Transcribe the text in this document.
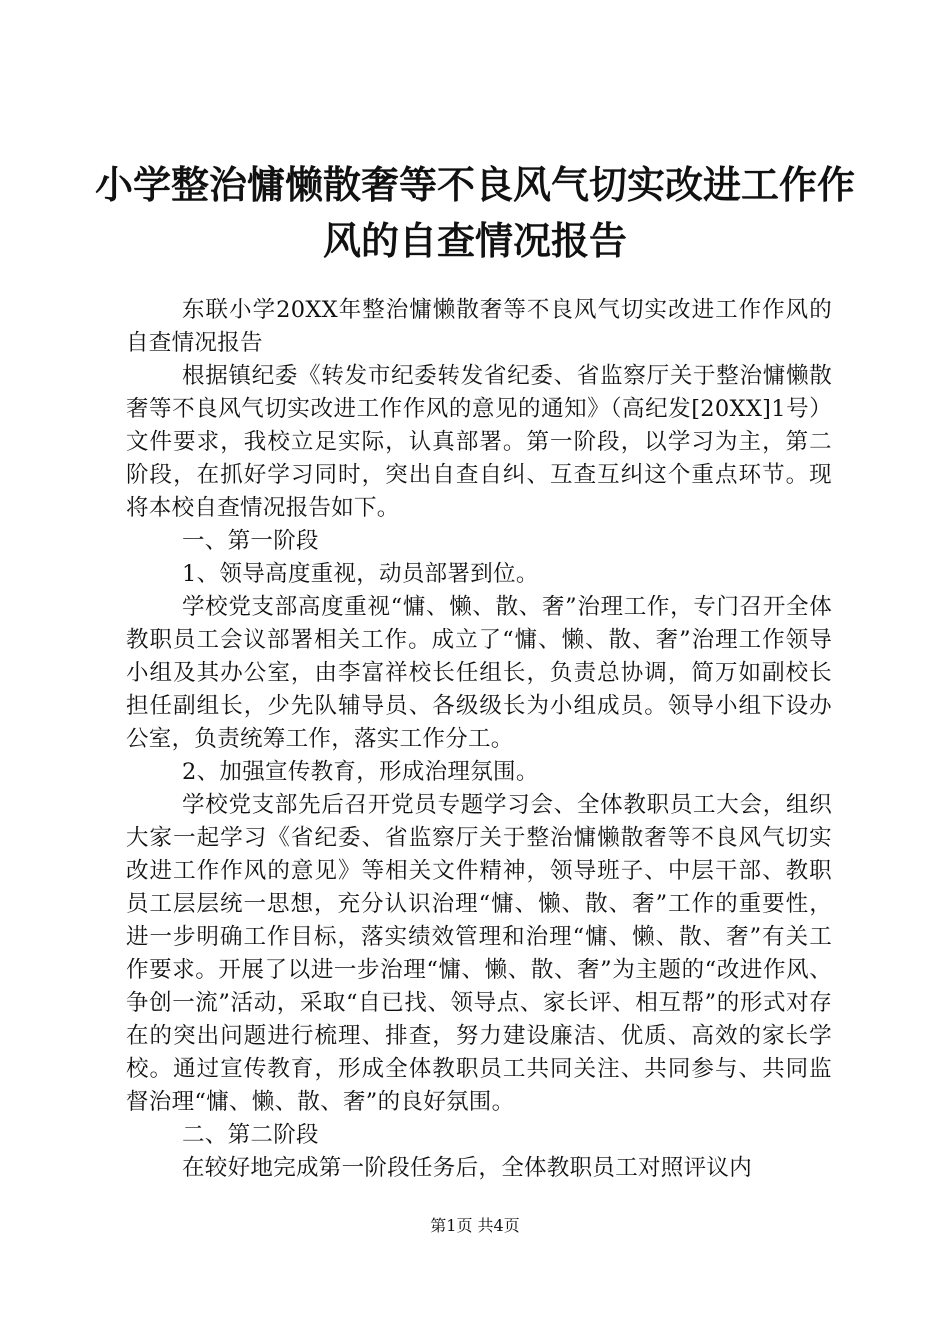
小学整治慵懒散奢等不良风气切实改进工作作
风的自查情况报告

东联小学20XX年整治慵懒散奢等不良风气切实改进工作作风的自查情况报告

根据镇纪委《转发市纪委转发省纪委、省监察厅关于整治慵懒散奢等不良风气切实改进工作作风的意见的通知》（高纪发[20XX]1号）文件要求，我校立足实际，认真部署。第一阶段，以学习为主，第二阶段，在抓好学习同时，突出自查自纠、互查互纠这个重点环节。现将本校自查情况报告如下。

一、第一阶段

1、领导高度重视，动员部署到位。

学校党支部高度重视“慵、懒、散、奢”治理工作，专门召开全体教职员工会议部署相关工作。成立了“慵、懒、散、奢”治理工作领导小组及其办公室，由李富祥校长任组长，负责总协调，简万如副校长担任副组长，少先队辅导员、各级级长为小组成员。领导小组下设办公室，负责统筹工作，落实工作分工。

2、加强宣传教育，形成治理氛围。

学校党支部先后召开党员专题学习会、全体教职员工大会，组织大家一起学习《省纪委、省监察厅关于整治慵懒散奢等不良风气切实改进工作作风的意见》等相关文件精神，领导班子、中层干部、教职员工层层统一思想，充分认识治理“慵、懒、散、奢”工作的重要性，进一步明确工作目标，落实绩效管理和治理“慵、懒、散、奢”有关工作要求。开展了以进一步治理“慵、懒、散、奢”为主题的“改进作风、争创一流”活动，采取“自已找、领导点、家长评、相互帮”的形式对存在的突出问题进行梳理、排查，努力建设廉洁、优质、高效的家长学校。通过宣传教育，形成全体教职员工共同关注、共同参与、共同监督治理“慵、懒、散、奢”的良好氛围。

二、第二阶段

在较好地完成第一阶段任务后，全体教职员工对照评议内

第1页 共4页
